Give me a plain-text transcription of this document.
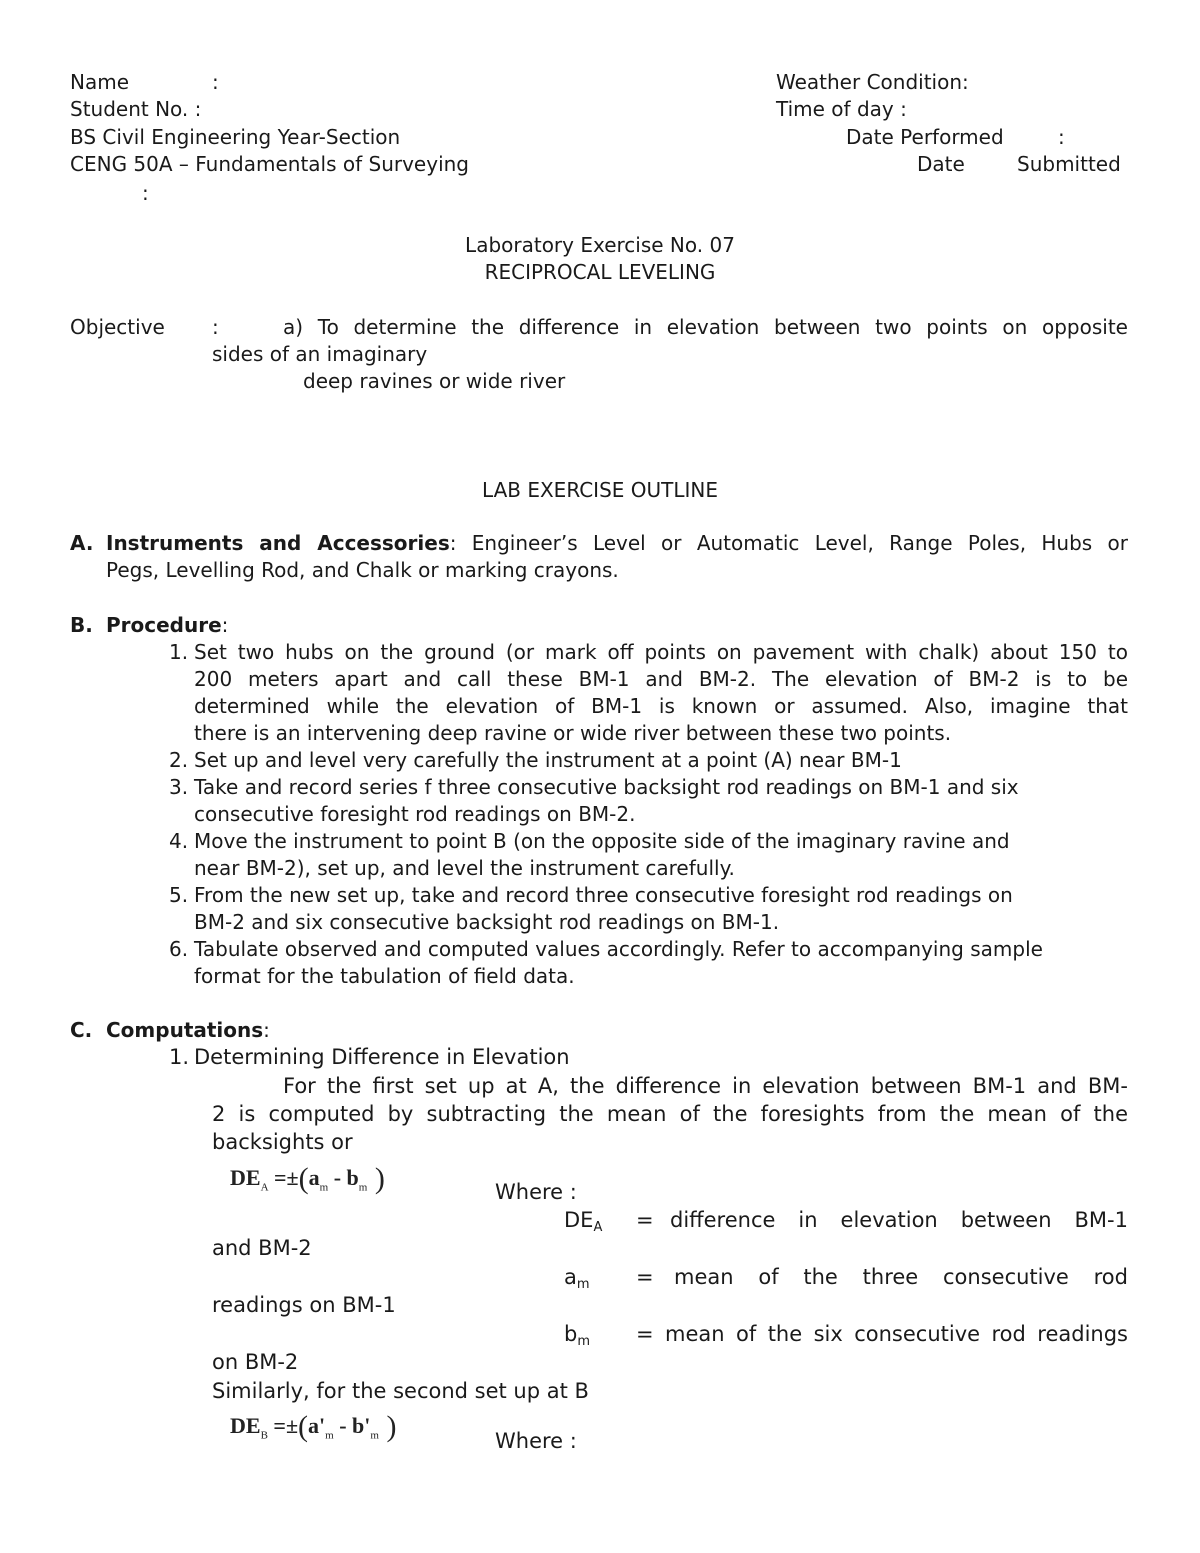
Name	:
Student No. :
BS Civil Engineering Year-Section
CENG 50A – Fundamentals of Surveying
Weather Condition:
Time of day :
Date Performed	:
Date	Submitted
:
Laboratory Exercise No. 07
RECIPROCAL LEVELING
Objective :	a) To determine the difference in elevation between two points on opposite
sides of an imaginary
deep ravines or wide river
LAB EXERCISE OUTLINE
A. Instruments and Accessories: Engineer’s Level or Automatic Level, Range Poles, Hubs or
Pegs, Levelling Rod, and Chalk or marking crayons.
B. Procedure:
1. Set two hubs on the ground (or mark off points on pavement with chalk) about 150 to
200 meters apart and call these BM-1 and BM-2. The elevation of BM-2 is to be
determined while the elevation of BM-1 is known or assumed. Also, imagine that
there is an intervening deep ravine or wide river between these two points.
2. Set up and level very carefully the instrument at a point (A) near BM-1
3. Take and record series f three consecutive backsight rod readings on BM-1 and six
consecutive foresight rod readings on BM-2.
4. Move the instrument to point B (on the opposite side of the imaginary ravine and
near BM-2), set up, and level the instrument carefully.
5. From the new set up, take and record three consecutive foresight rod readings on
BM-2 and six consecutive backsight rod readings on BM-1.
6. Tabulate observed and computed values accordingly. Refer to accompanying sample
format for the tabulation of field data.
C. Computations:
1. Determining Difference in Elevation
For the first set up at A, the difference in elevation between BM-1 and BM-
2 is computed by subtracting the mean of the foresights from the mean of the
backsights or
$DE_A =\pm(a_m - b_m$ )	Where :
$DE_A$ = difference in elevation between BM-1
and BM-2
$a_m$ = mean of the three consecutive rod
readings on BM-1
$b_m$ = mean of the six consecutive rod readings
on BM-2
Similarly, for the second set up at B
$DE_B =\pm(a'_m - b'_m$ )	Where :
